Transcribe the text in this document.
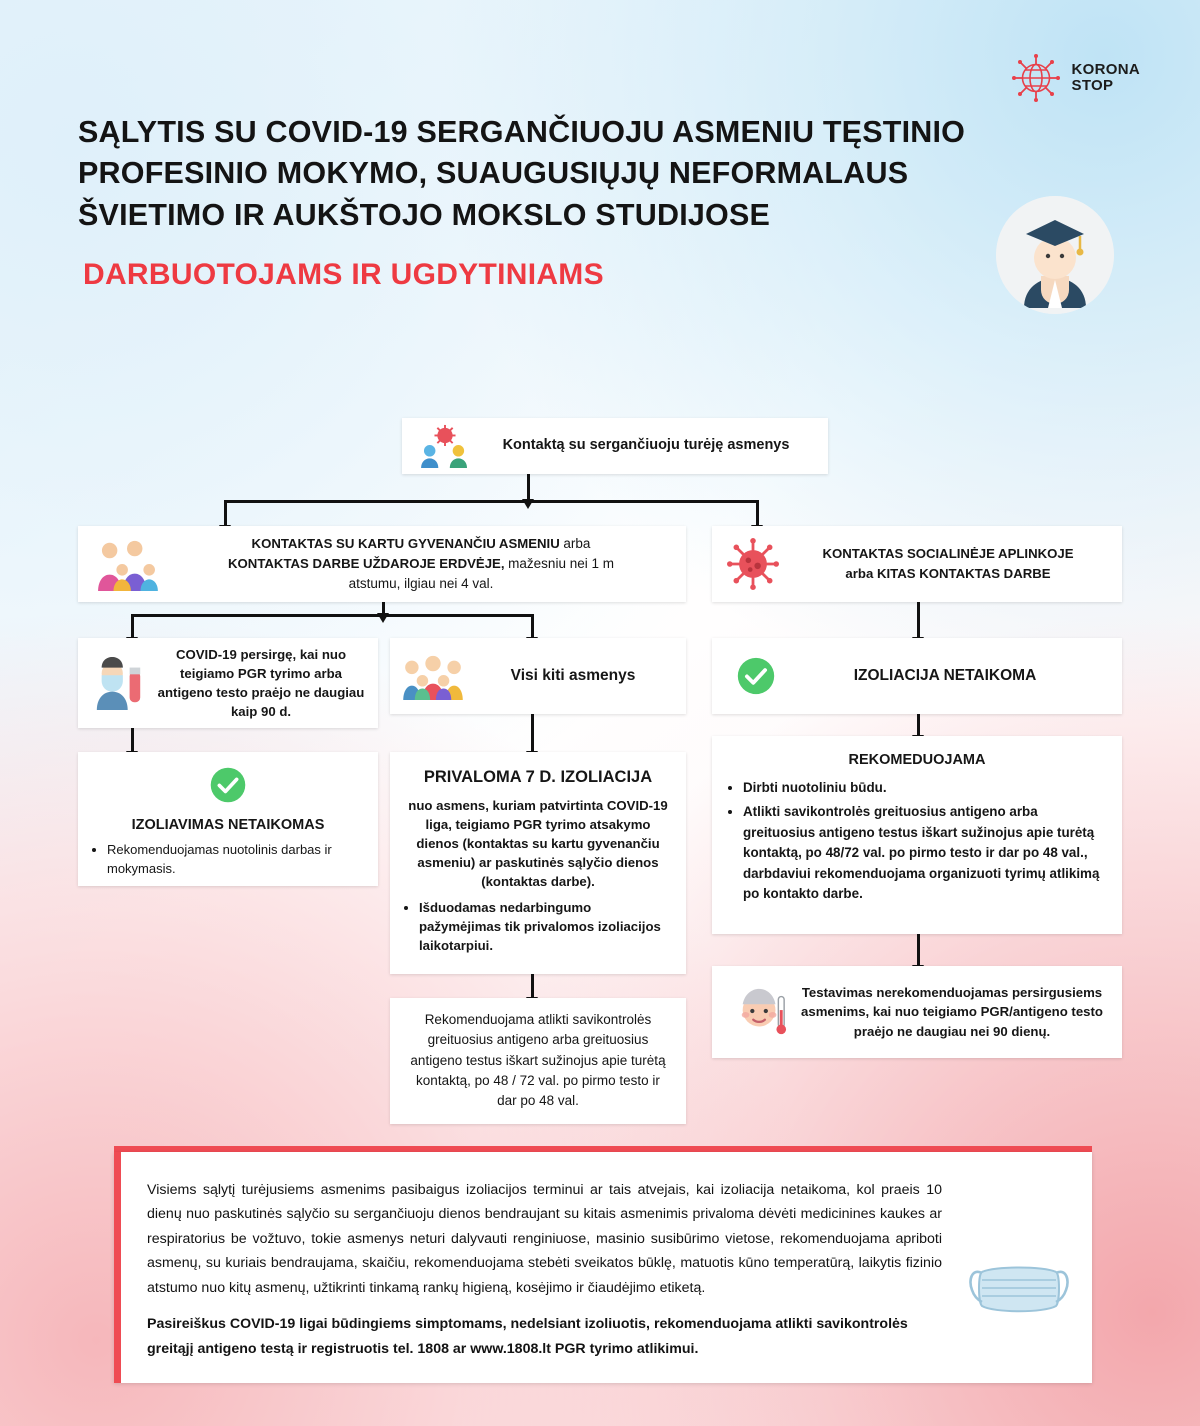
KORONA
STOP
SĄLYTIS SU COVID-19 SERGANČIUOJU ASMENIU TĘSTINIO PROFESINIO MOKYMO, SUAUGUSIŲJŲ NEFORMALAUS ŠVIETIMO IR AUKŠTOJO MOKSLO STUDIJOSE
DARBUOTOJAMS IR UGDYTINIAMS
Kontaktą su sergančiuoju turėję asmenys
KONTAKTAS SU KARTU GYVENANČIU ASMENIU arba
KONTAKTAS DARBE UŽDAROJE ERDVĖJE, mažesniu nei 1 m
atstumu, ilgiau nei 4 val.
KONTAKTAS SOCIALINĖJE APLINKOJE
arba KITAS KONTAKTAS DARBE
COVID-19 persirgę, kai nuo teigiamo PGR tyrimo arba antigeno testo praėjo ne daugiau kaip 90 d.
Visi kiti asmenys	IZOLIACIJA NETAIKOMA
IZOLIAVIMAS NETAIKOMAS
• Rekomenduojamas nuotolinis darbas ir mokymasis.
PRIVALOMA 7 D. IZOLIACIJA
nuo asmens, kuriam patvirtinta COVID-19 liga, teigiamo PGR tyrimo atsakymo dienos (kontaktas su kartu gyvenančiu asmeniu) ar paskutinės sąlyčio dienos (kontaktas darbe).
• Išduodamas nedarbingumo pažymėjimas tik privalomos izoliacijos laikotarpiui.
REKOMEDUOJAMA
• Dirbti nuotoliniu būdu.
• Atlikti savikontrolės greituosius antigeno arba greituosius antigeno testus iškart sužinojus apie turėtą kontaktą, po 48/72 val. po pirmo testo ir dar po 48 val., darbdaviui rekomenduojama organizuoti tyrimų atlikimą po kontakto darbe.
Rekomenduojama atlikti savikontrolės greituosius antigeno arba greituosius antigeno testus iškart sužinojus apie turėtą kontaktą, po 48 / 72 val. po pirmo testo ir dar po 48 val.
Testavimas nerekomenduojamas persirgusiems asmenims, kai nuo teigiamo PGR/antigeno testo praėjo ne daugiau nei 90 dienų.

Visiems sąlytį turėjusiems asmenims pasibaigus izoliacijos terminui ar tais atvejais, kai izoliacija netaikoma, kol praeis 10 dienų nuo paskutinės sąlyčio su sergančiuoju dienos bendraujant su kitais asmenimis privaloma dėvėti medicinines kaukes ar respiratorius be vožtuvo, tokie asmenys neturi dalyvauti renginiuose, masinio susibūrimo vietose, rekomenduojama apriboti asmenų, su kuriais bendraujama, skaičiu, rekomenduojama stebėti sveikatos būklę, matuotis kūno temperatūrą, laikytis fizinio atstumo nuo kitų asmenų, užtikrinti tinkamą rankų higieną, kosėjimo ir čiaudėjimo etiketą.

Pasireiškus COVID-19 ligai būdingiems simptomams, nedelsiant izoliuotis, rekomenduojama atlikti savikontrolės greitąjį antigeno testą ir registruotis tel. 1808 ar www.1808.lt PGR tyrimo atlikimui.
